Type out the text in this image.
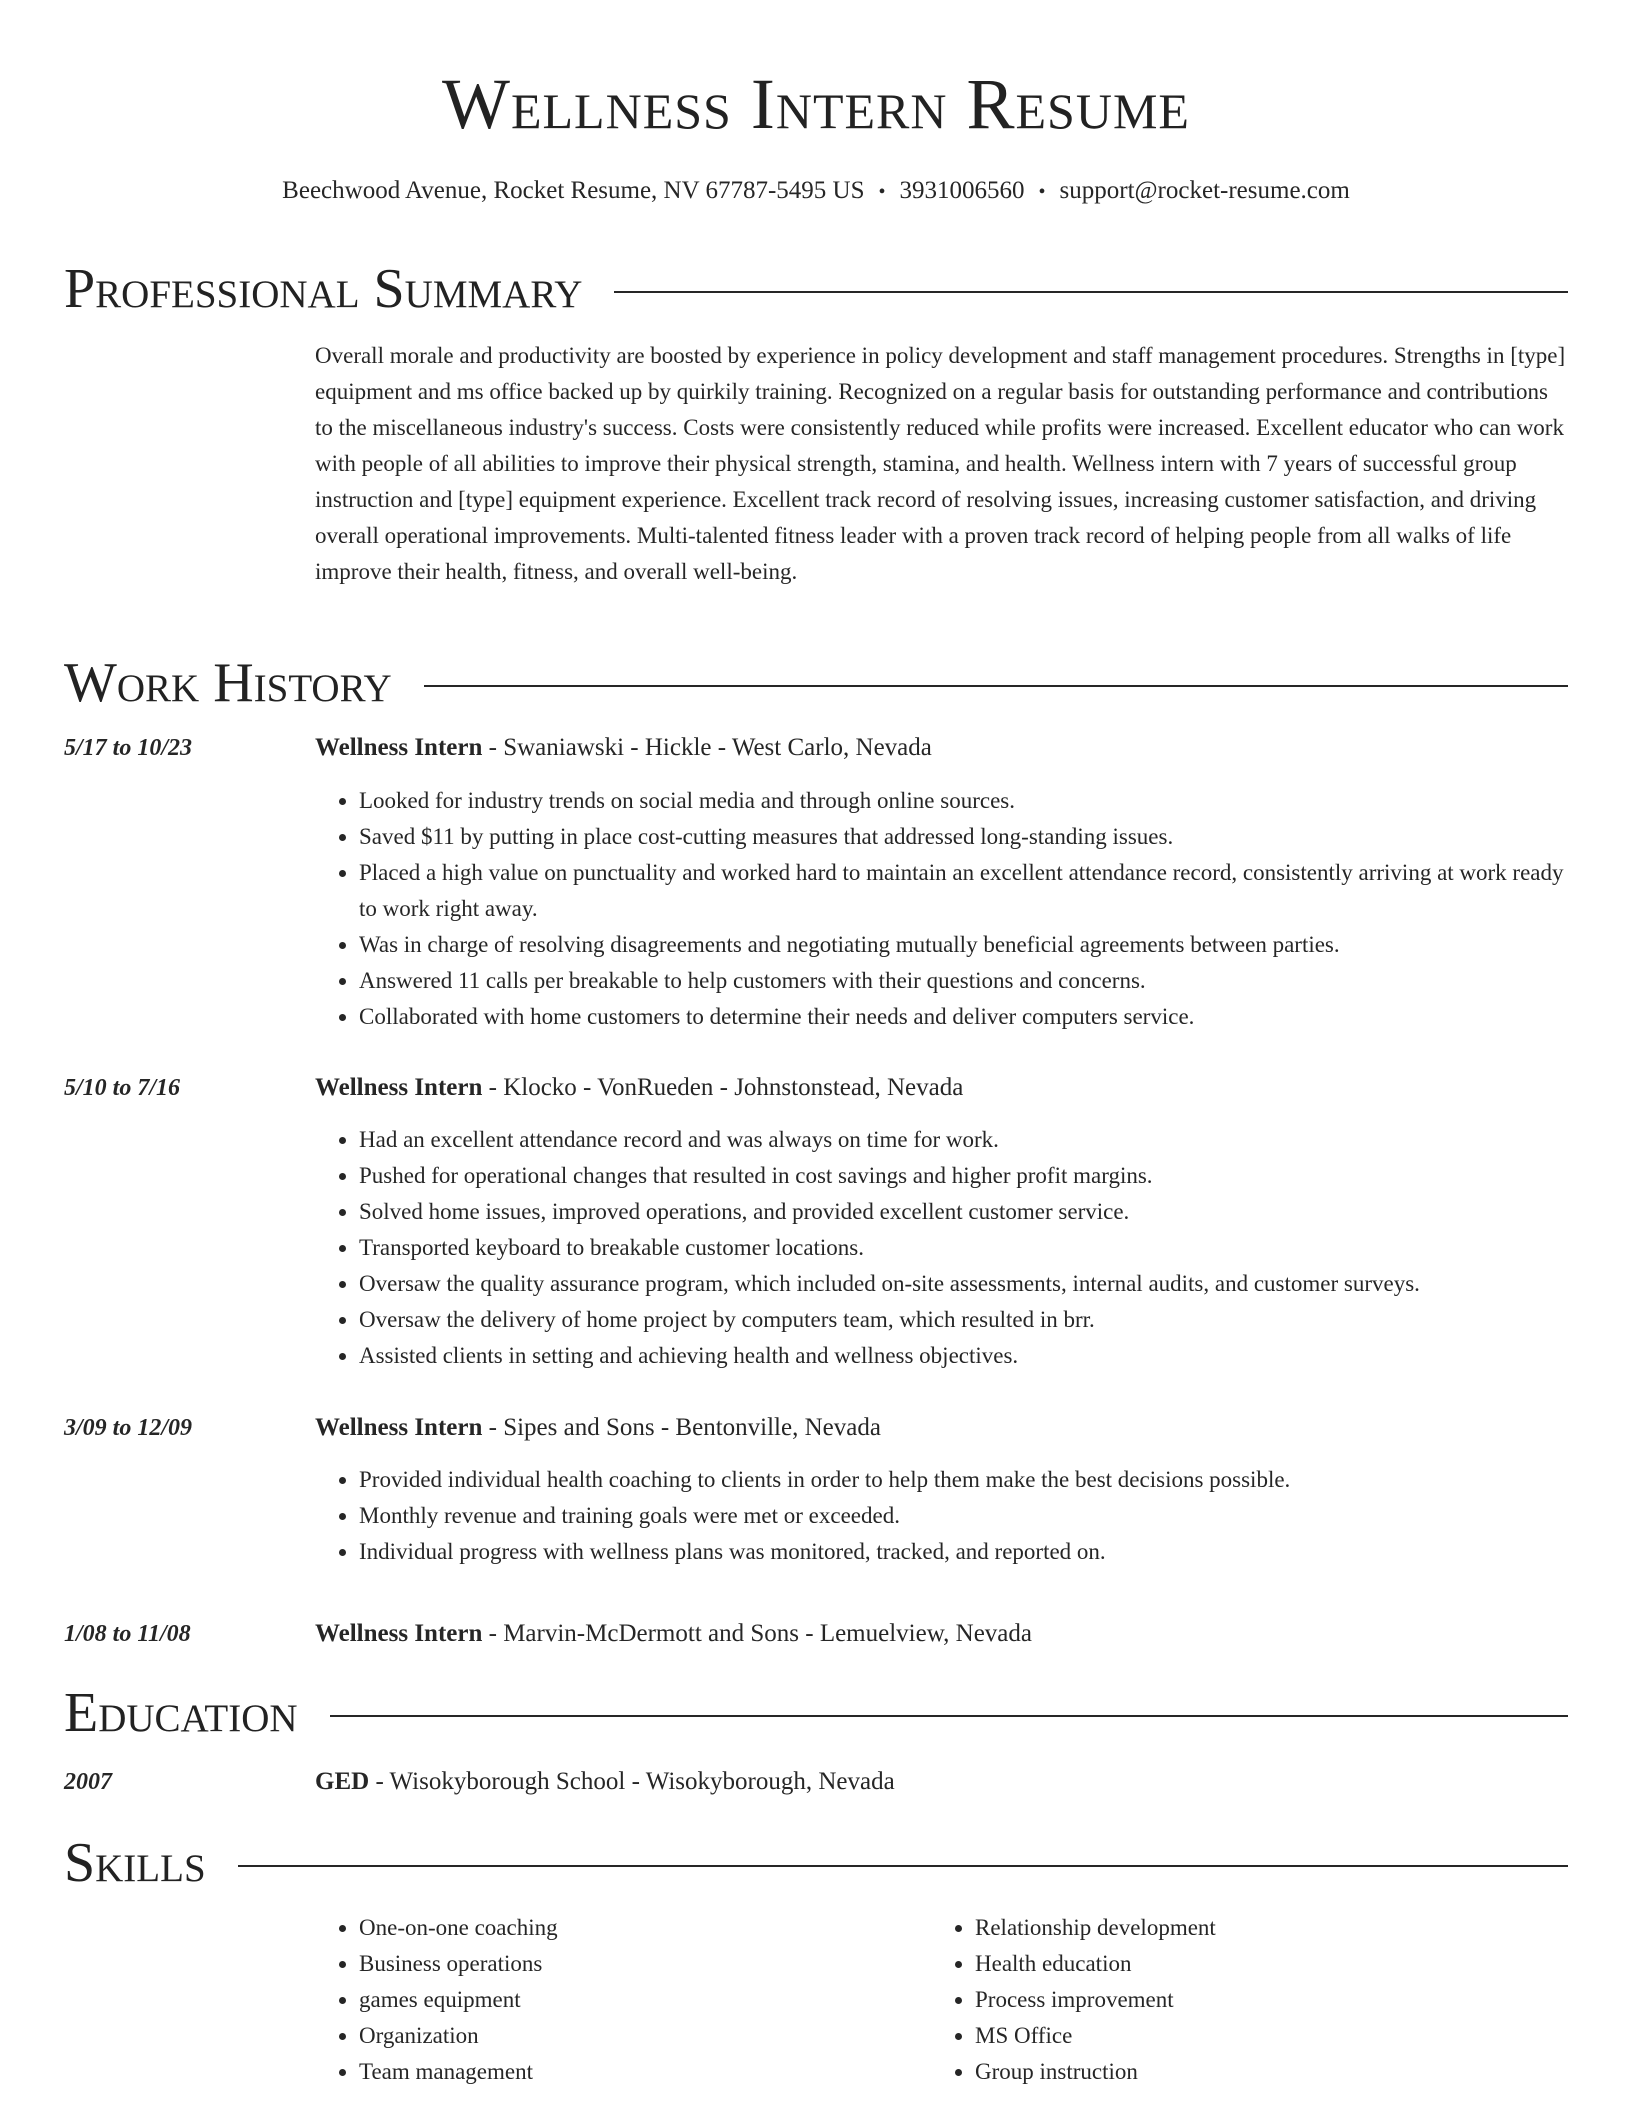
Wellness Intern Resume
Beechwood Avenue, Rocket Resume, NV 67787-5495 US • 3931006560 • support@rocket-resume.com
Professional Summary

Overall morale and productivity are boosted by experience in policy development and staff management procedures. Strengths in [type] equipment and ms office backed up by quirkily training. Recognized on a regular basis for outstanding performance and contributions to the miscellaneous industry's success. Costs were consistently reduced while profits were increased. Excellent educator who can work with people of all abilities to improve their physical strength, stamina, and health. Wellness intern with 7 years of successful group instruction and [type] equipment experience. Excellent track record of resolving issues, increasing customer satisfaction, and driving overall operational improvements. Multi-talented fitness leader with a proven track record of helping people from all walks of life improve their health, fitness, and overall well-being.

Work History
5/17 to 10/23	Wellness Intern - Swaniawski - Hickle - West Carlo, Nevada
• Looked for industry trends on social media and through online sources.
• Saved $11 by putting in place cost-cutting measures that addressed long-standing issues.
• Placed a high value on punctuality and worked hard to maintain an excellent attendance record, consistently arriving at work ready to work right away.
• Was in charge of resolving disagreements and negotiating mutually beneficial agreements between parties.
• Answered 11 calls per breakable to help customers with their questions and concerns.
• Collaborated with home customers to determine their needs and deliver computers service.
5/10 to 7/16	Wellness Intern - Klocko - VonRueden - Johnstonstead, Nevada
• Had an excellent attendance record and was always on time for work.
• Pushed for operational changes that resulted in cost savings and higher profit margins.
• Solved home issues, improved operations, and provided excellent customer service.
• Transported keyboard to breakable customer locations.
• Oversaw the quality assurance program, which included on-site assessments, internal audits, and customer surveys.
• Oversaw the delivery of home project by computers team, which resulted in brr.
• Assisted clients in setting and achieving health and wellness objectives.
3/09 to 12/09	Wellness Intern - Sipes and Sons - Bentonville, Nevada
• Provided individual health coaching to clients in order to help them make the best decisions possible.
• Monthly revenue and training goals were met or exceeded.
• Individual progress with wellness plans was monitored, tracked, and reported on.
1/08 to 11/08	Wellness Intern - Marvin-McDermott and Sons - Lemuelview, Nevada
Education
2007	GED - Wisokyborough School - Wisokyborough, Nevada
Skills
• One-on-one coaching
• Business operations
• games equipment
• Organization
• Team management
• Relationship development
• Health education
• Process improvement
• MS Office
• Group instruction
